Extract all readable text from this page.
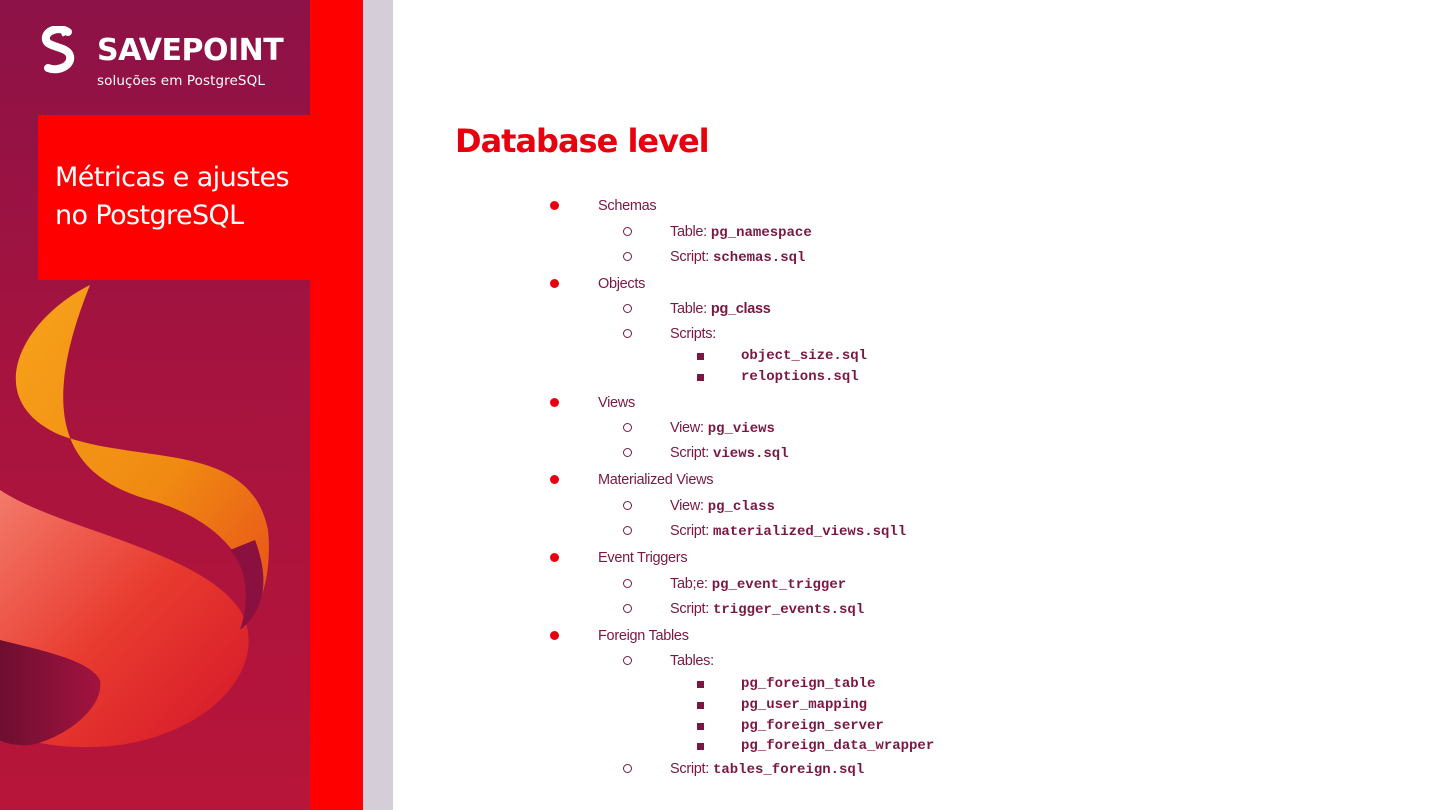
SAVEPOINT
soluções em PostgreSQL
Métricas e ajustes
no PostgreSQL
Database level
Schemas
Table: pg_namespace
Script: schemas.sql
Objects
Table: pg_class
Scripts:
object_size.sql
reloptions.sql
Views
View: pg_views
Script: views.sql
Materialized Views
View: pg_class
Script: materialized_views.sqll
Event Triggers
Tab;e: pg_event_trigger
Script: trigger_events.sql
Foreign Tables
Tables:
pg_foreign_table
pg_user_mapping
pg_foreign_server
pg_foreign_data_wrapper
Script: tables_foreign.sql
